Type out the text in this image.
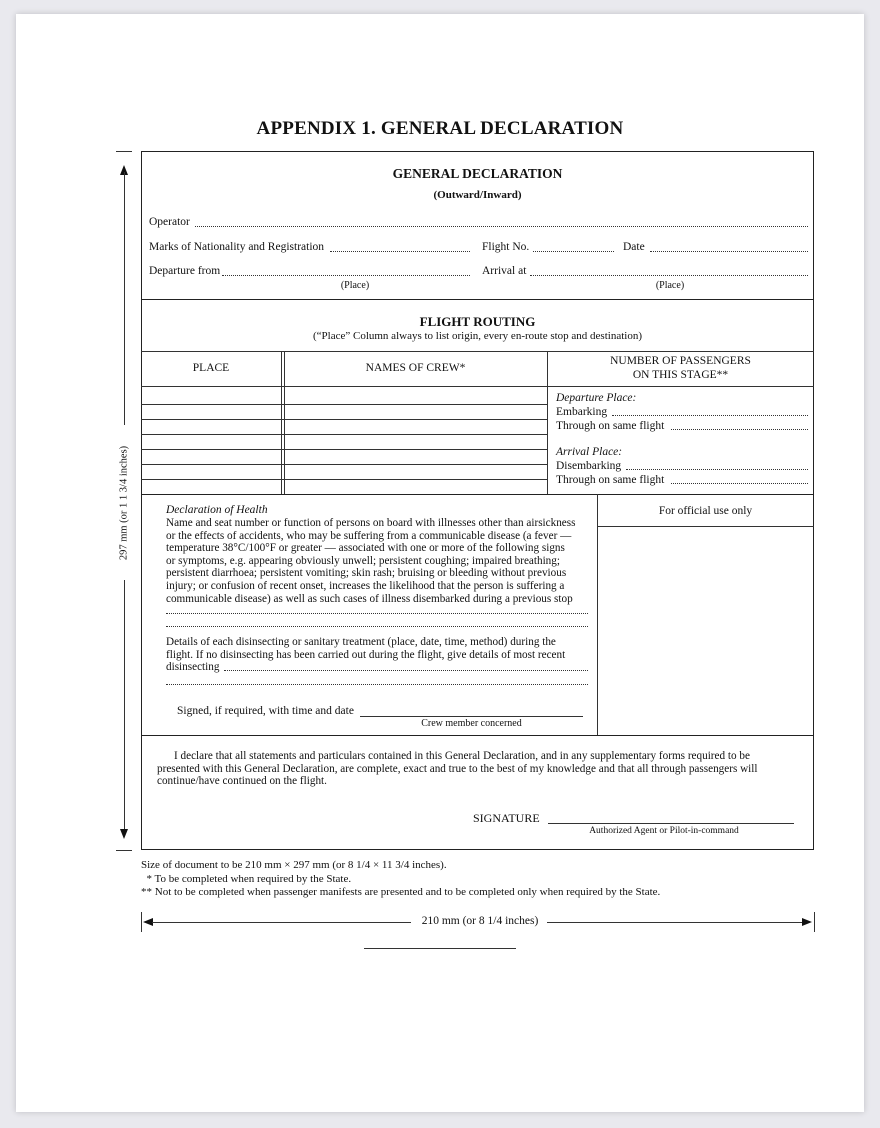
APPENDIX 1. GENERAL DECLARATION
297 mm (or 1 1 3/4 inches)
GENERAL DECLARATION
(Outward/Inward)
Operator
Marks of Nationality and Registration	Flight No.	Date
Departure from	Arrival at
(Place)	(Place)
FLIGHT ROUTING
(“Place” Column always to list origin, every en-route stop and destination)
PLACE	NAMES OF CREW*
NUMBER OF PASSENGERS
ON THIS STAGE**
Departure Place:
Embarking
Through on same flight
Arrival Place:
Disembarking
Through on same flight
For official use only
Declaration of Health
Name and seat number or function of persons on board with illnesses other than airsickness
or the effects of accidents, who may be suffering from a communicable disease (a fever —
temperature 38°C/100°F or greater — associated with one or more of the following signs
or symptoms, e.g. appearing obviously unwell; persistent coughing; impaired breathing;
persistent diarrhoea; persistent vomiting; skin rash; bruising or bleeding without previous
injury; or confusion of recent onset, increases the likelihood that the person is suffering a
communicable disease) as well as such cases of illness disembarked during a previous stop
Details of each disinsecting or sanitary treatment (place, date, time, method) during the
flight. If no disinsecting has been carried out during the flight, give details of most recent
disinsecting
Signed, if required, with time and date
Crew member concerned
I declare that all statements and particulars contained in this General Declaration, and in any supplementary forms required to be
presented with this General Declaration, are complete, exact and true to the best of my knowledge and that all through passengers will
continue/have continued on the flight.
SIGNATURE
Authorized Agent or Pilot-in-command
Size of document to be 210 mm × 297 mm (or 8 1/4 × 11 3/4 inches).
* To be completed when required by the State.
** Not to be completed when passenger manifests are presented and to be completed only when required by the State.
210 mm (or 8 1/4 inches)
